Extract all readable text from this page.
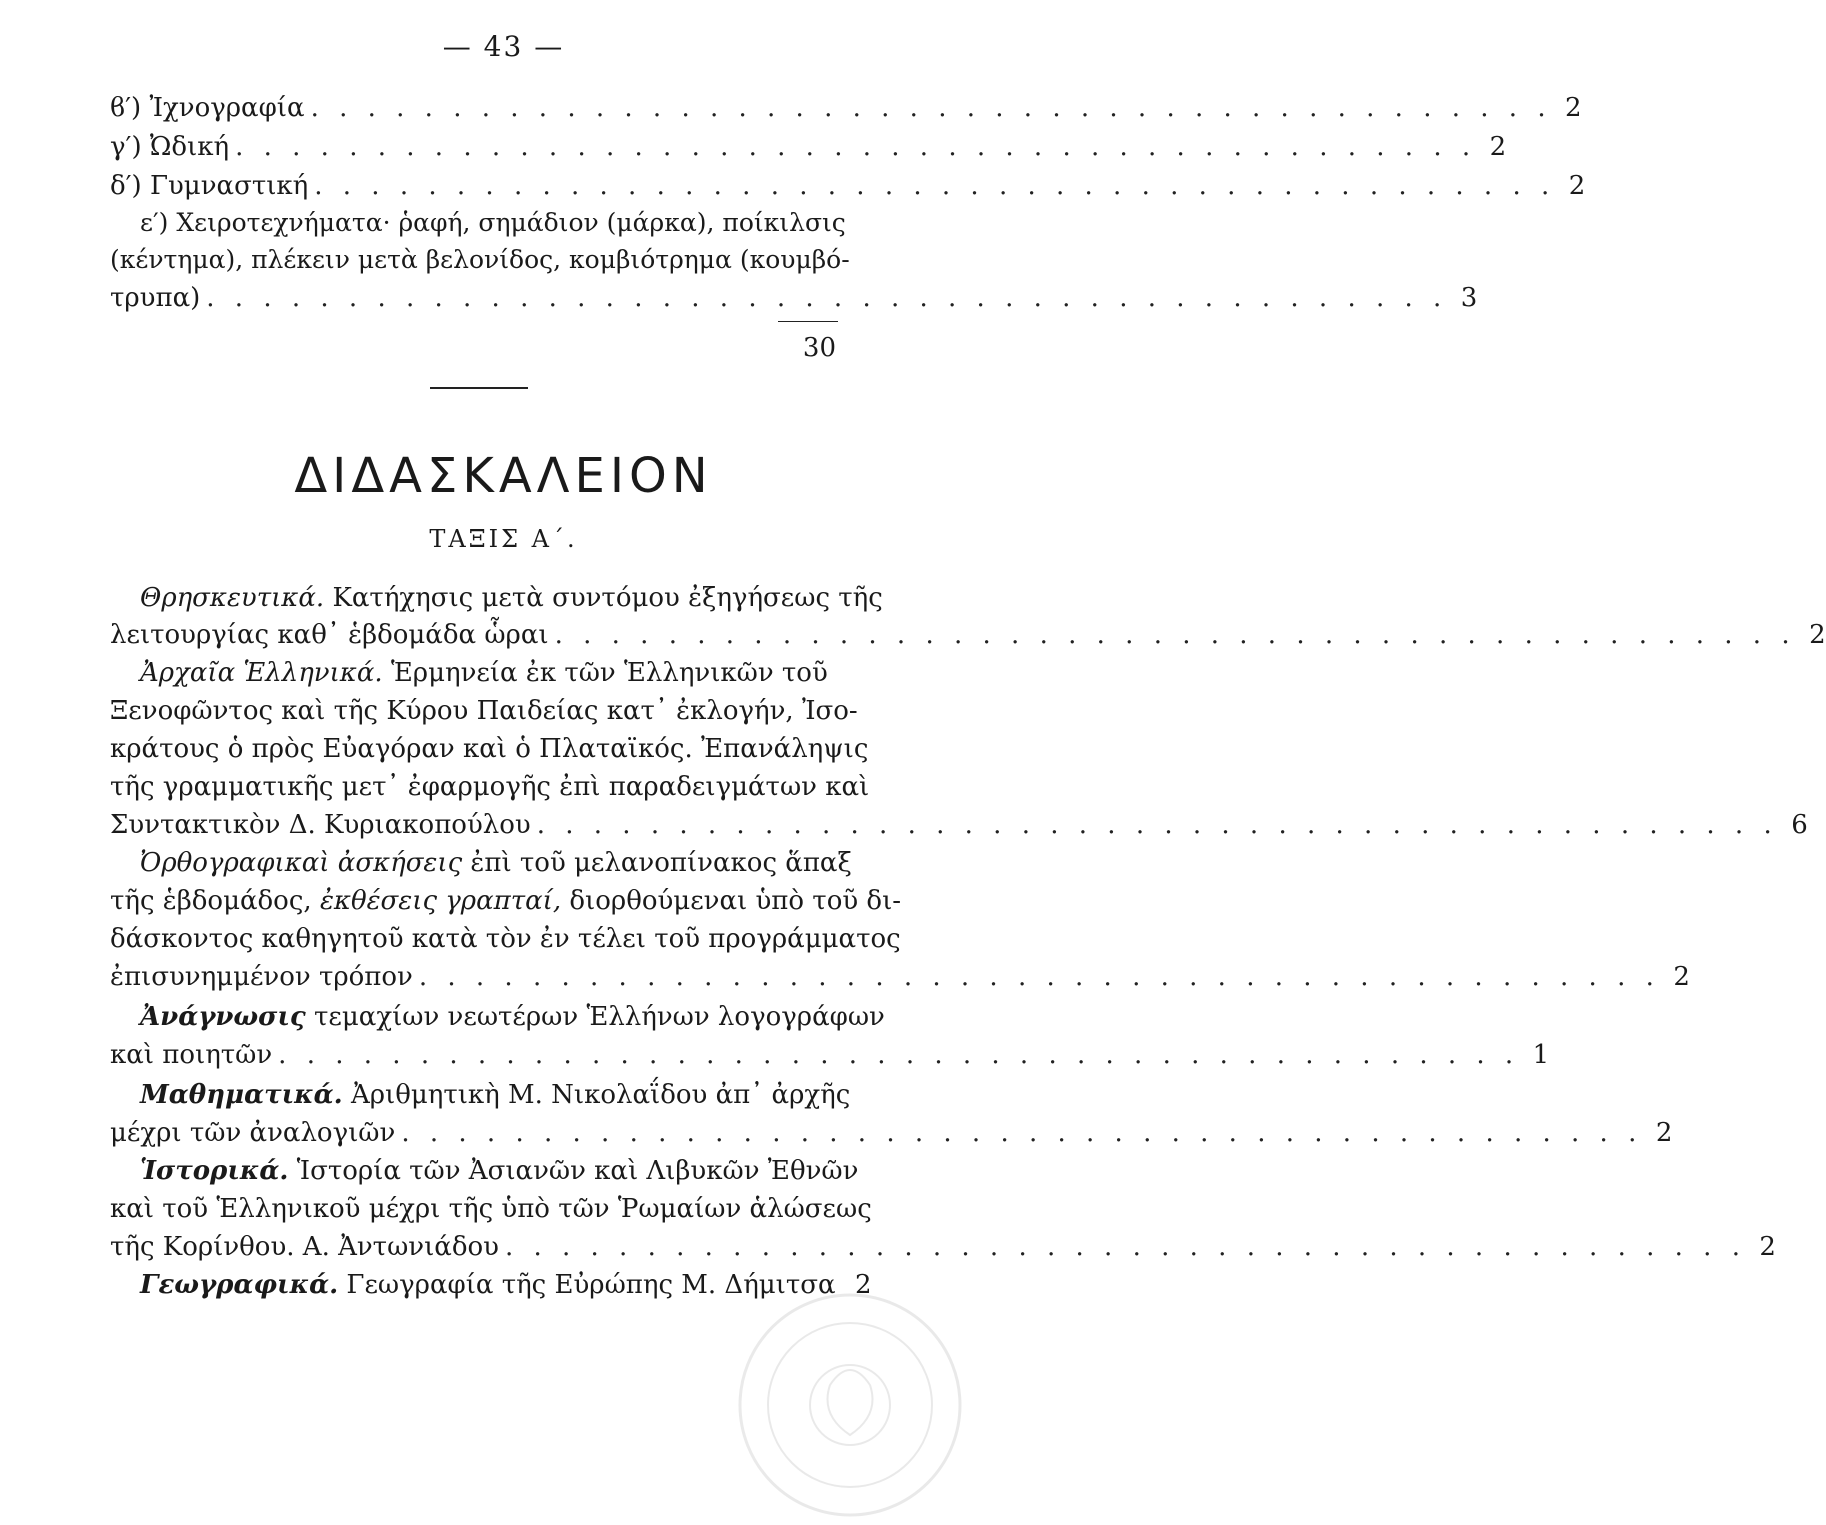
— 43 —
ϐ′) Ἰχνογραφία . . . . . . . . . . . . . . . . . . . . . . . . . . . . . . . . . . . . . . . . . . . . 2
γ′) Ὠδική . . . . . . . . . . . . . . . . . . . . . . . . . . . . . . . . . . . . . . . . . . . . 2
δ′) Γυμναστική . . . . . . . . . . . . . . . . . . . . . . . . . . . . . . . . . . . . . . . . . . . . 2
ε′) Χειροτεχνήματα· ῥαφή, σημάδιον (μάρκα), ποίκιλσις
(κέντημα), πλέκειν μετὰ βελονίδος, κομβιότρημα (κουμβό-
τρυπα) . . . . . . . . . . . . . . . . . . . . . . . . . . . . . . . . . . . . . . . . . . . . 3
30
ΔΙΔΑΣΚΑΛΕΙΟΝ
ΤΑΞΙΣ Α΄.
Θρησκευτικά. Κατήχησις μετὰ συντόμου ἐξηγήσεως τῆς
λειτουργίας καθ᾽ ἑβδομάδα ὧραι . . . . . . . . . . . . . . . . . . . . . . . . . . . . . . . . . . . . . . . . . . . . 2
Ἀρχαῖα Ἑλληνικά. Ἑρμηνεία ἐκ τῶν Ἑλληνικῶν τοῦ
Ξενοφῶντος καὶ τῆς Κύρου Παιδείας κατ᾽ ἐκλογήν, Ἰσο-
κράτους ὁ πρὸς Εὐαγόραν καὶ ὁ Πλαταϊκός. Ἐπανάληψις
τῆς γραμματικῆς μετ᾽ ἐφαρμογῆς ἐπὶ παραδειγμάτων καὶ
Συντακτικὸν Δ. Κυριακοπούλου . . . . . . . . . . . . . . . . . . . . . . . . . . . . . . . . . . . . . . . . . . . . 6
Ὀρθογραφικαὶ ἀσκήσεις ἐπὶ τοῦ μελανοπίνακος ἅπαξ
τῆς ἑβδομάδος, ἐκθέσεις γραπταί, διορθούμεναι ὑπὸ τοῦ δι-
δάσκοντος καθηγητοῦ κατὰ τὸν ἐν τέλει τοῦ προγράμματος
ἐπισυνημμένον τρόπον . . . . . . . . . . . . . . . . . . . . . . . . . . . . . . . . . . . . . . . . . . . . 2
Ἀνάγνωσις τεμαχίων νεωτέρων Ἑλλήνων λογογράφων
καὶ ποιητῶν . . . . . . . . . . . . . . . . . . . . . . . . . . . . . . . . . . . . . . . . . . . . 1
Μαθηματικά. Ἀριθμητικὴ Μ. Νικολαΐδου ἀπ᾽ ἀρχῆς
μέχρι τῶν ἀναλογιῶν . . . . . . . . . . . . . . . . . . . . . . . . . . . . . . . . . . . . . . . . . . . . 2
Ἱστορικά. Ἱστορία τῶν Ἀσιανῶν καὶ Λιβυκῶν Ἐθνῶν
καὶ τοῦ Ἑλληνικοῦ μέχρι τῆς ὑπὸ τῶν Ῥωμαίων ἁλώσεως
τῆς Κορίνθου. Α. Ἀντωνιάδου . . . . . . . . . . . . . . . . . . . . . . . . . . . . . . . . . . . . . . . . . . . . 2
Γεωγραφικά. Γεωγραφία τῆς Εὐρώπης Μ. Δήμιτσα 2
